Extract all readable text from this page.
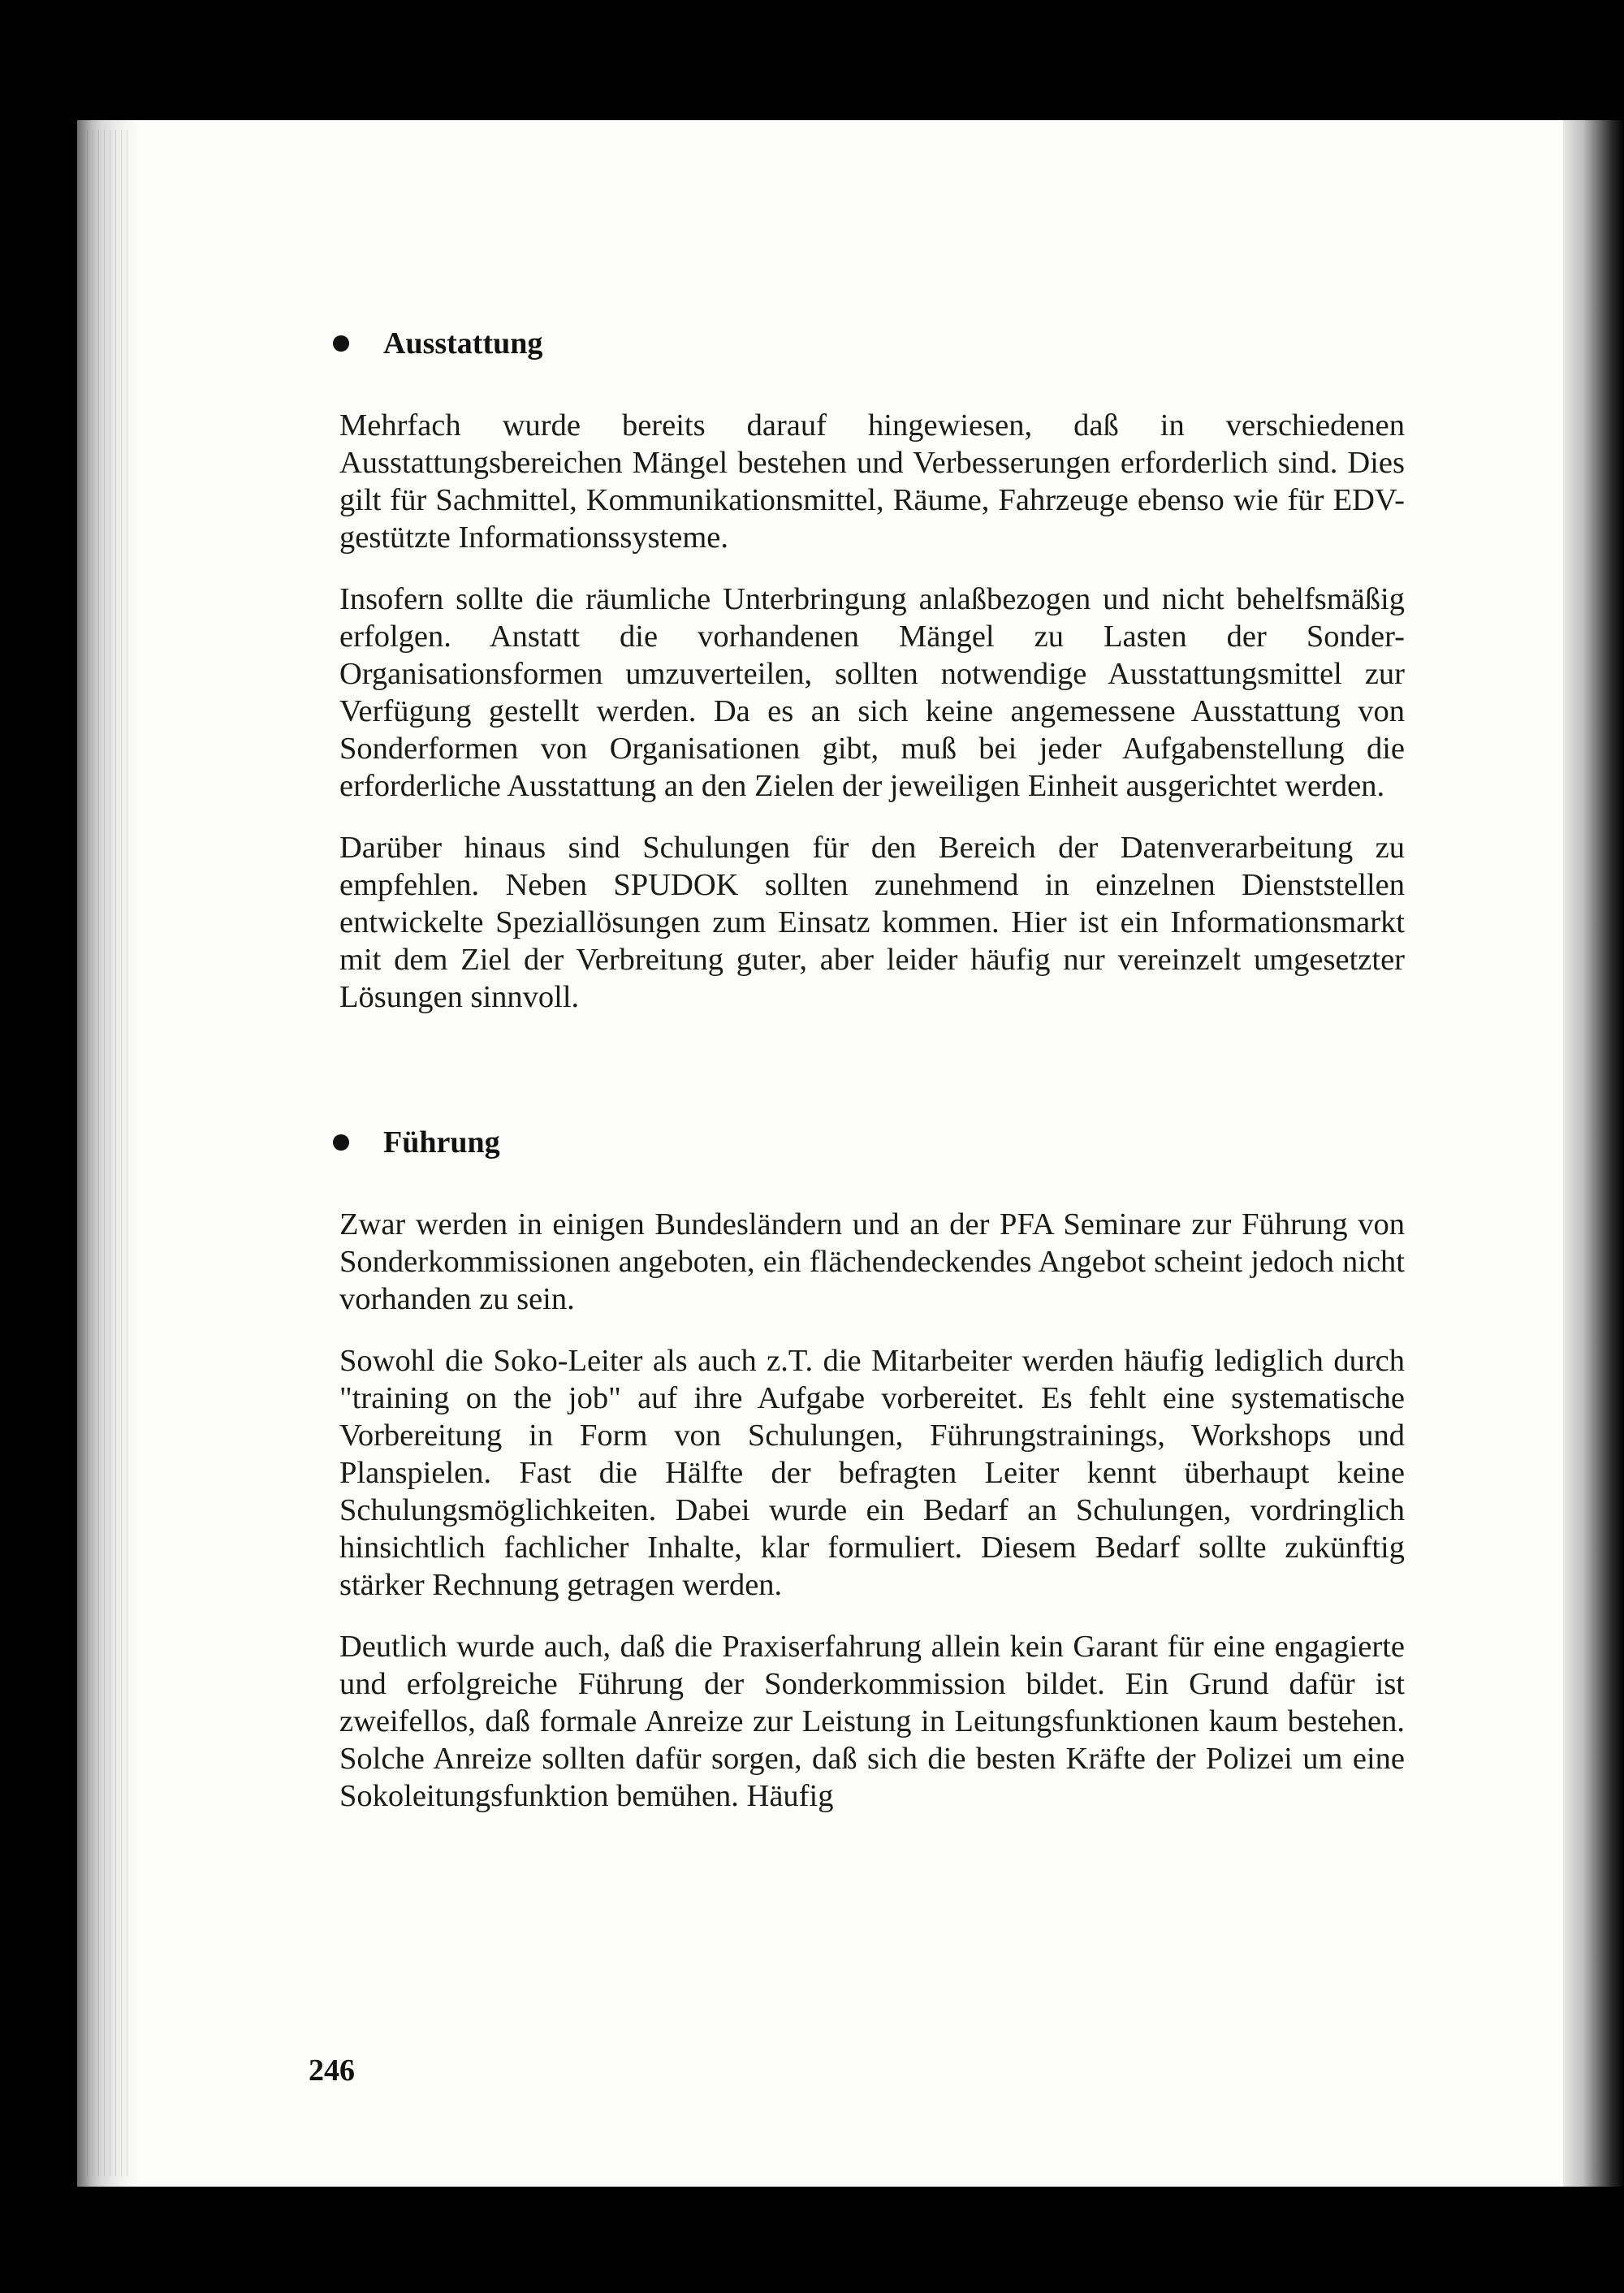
Ausstattung

Mehrfach wurde bereits darauf hingewiesen, daß in verschiedenen Ausstattungsbereichen Mängel bestehen und Verbesserungen erforderlich sind. Dies gilt für Sachmittel, Kommunikationsmittel, Räume, Fahrzeuge ebenso wie für EDV-gestützte Informationssysteme.

Insofern sollte die räumliche Unterbringung anlaßbezogen und nicht behelfsmäßig erfolgen. Anstatt die vorhandenen Mängel zu Lasten der Sonder-Organisationsformen umzuverteilen, sollten notwendige Ausstattungsmittel zur Verfügung gestellt werden. Da es an sich keine angemessene Ausstattung von Sonderformen von Organisationen gibt, muß bei jeder Aufgabenstellung die erforderliche Ausstattung an den Zielen der jeweiligen Einheit ausgerichtet werden.

Darüber hinaus sind Schulungen für den Bereich der Datenverarbeitung zu empfehlen. Neben SPUDOK sollten zunehmend in einzelnen Dienststellen entwickelte Speziallösungen zum Einsatz kommen. Hier ist ein Informationsmarkt mit dem Ziel der Verbreitung guter, aber leider häufig nur vereinzelt umgesetzter Lösungen sinnvoll.

Führung

Zwar werden in einigen Bundesländern und an der PFA Seminare zur Führung von Sonderkommissionen angeboten, ein flächendeckendes Angebot scheint jedoch nicht vorhanden zu sein.

Sowohl die Soko-Leiter als auch z.T. die Mitarbeiter werden häufig lediglich durch "training on the job" auf ihre Aufgabe vorbereitet. Es fehlt eine systematische Vorbereitung in Form von Schulungen, Führungstrainings, Workshops und Planspielen. Fast die Hälfte der befragten Leiter kennt überhaupt keine Schulungsmöglichkeiten. Dabei wurde ein Bedarf an Schulungen, vordringlich hinsichtlich fachlicher Inhalte, klar formuliert. Diesem Bedarf sollte zukünftig stärker Rechnung getragen werden.

Deutlich wurde auch, daß die Praxiserfahrung allein kein Garant für eine engagierte und erfolgreiche Führung der Sonderkommission bildet. Ein Grund dafür ist zweifellos, daß formale Anreize zur Leistung in Leitungsfunktionen kaum bestehen. Solche Anreize sollten dafür sorgen, daß sich die besten Kräfte der Polizei um eine Sokoleitungsfunktion bemühen. Häufig

246
